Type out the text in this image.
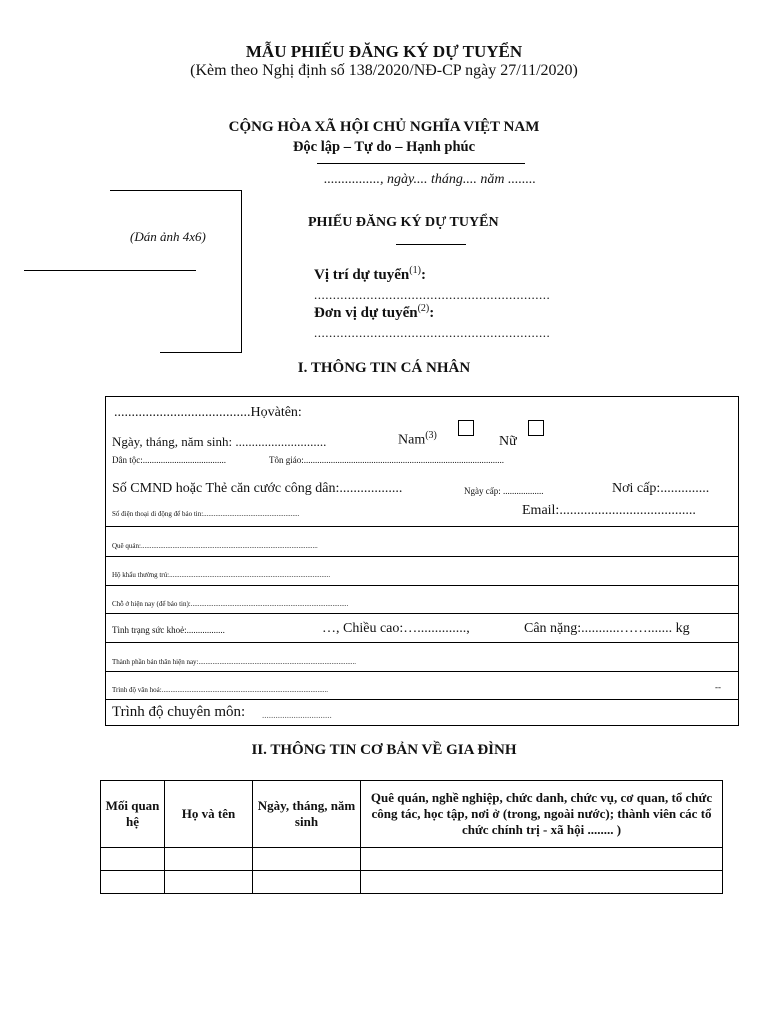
MẪU PHIẾU ĐĂNG KÝ DỰ TUYỂN
(Kèm theo Nghị định số 138/2020/NĐ-CP ngày 27/11/2020)
CỘNG HÒA XÃ HỘI CHỦ NGHĨA VIỆT NAM
Độc lập – Tự do – Hạnh phúc
................, ngày.... tháng.... năm ........
(Dán ảnh 4x6)
PHIẾU ĐĂNG KÝ DỰ TUYỂN
Vị trí dự tuyển$^{(1)}$:
...............................................................
Đơn vị dự tuyển$^{(2)}$:
...............................................................
I. THÔNG TIN CÁ NHÂN
.......................................Họvàtên:
Ngày, tháng, năm sinh: ............................	Nam$^{(3)}$	Nữ
Dân tộc:.....................................	Tôn giáo:.........................................................................................
Số CMND hoặc Thẻ căn cước công dân:..................	Ngày cấp: ..................	Nơi cấp:..............
Số điện thoại di động để báo tin:.......................................................	Email:.......................................
Quê quán:.....................................................................................................
Hộ khẩu thường trú:............................................................................................
Chỗ ở hiện nay (để báo tin):..........................................................................................
Tình trạng sức khoẻ:.................	…, Chiều cao:…..............,	Cân nặng:...........……....... kg
Thành phần bản thân hiện nay:..........................................................................................
Trình độ văn hoá:...............................................................................................	--
Trình độ chuyên môn: ...............................
II. THÔNG TIN CƠ BẢN VỀ GIA ĐÌNH
Mối quan hệ	Họ và tên	Ngày, tháng, năm sinh	Quê quán, nghề nghiệp, chức danh, chức vụ, cơ quan, tổ chức công tác, học tập, nơi ở (trong, ngoài nước); thành viên các tổ chức chính trị - xã hội ........ )
